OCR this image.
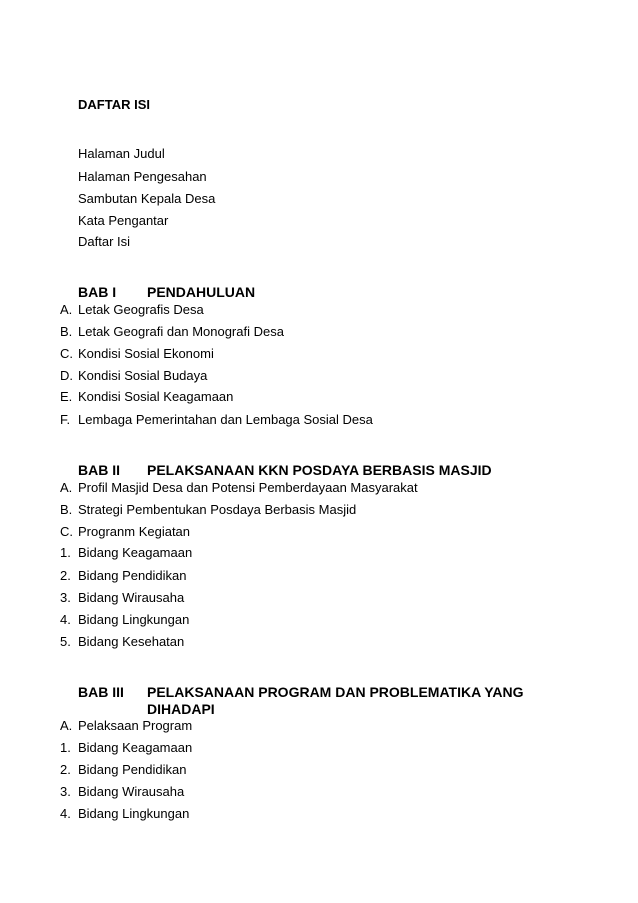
DAFTAR ISI
Halaman Judul
Halaman Pengesahan
Sambutan Kepala Desa
Kata Pengantar
Daftar Isi
BAB I PENDAHULUAN
A. Letak Geografis Desa
B. Letak Geografi dan Monografi Desa
C. Kondisi Sosial Ekonomi
D. Kondisi Sosial Budaya
E. Kondisi Sosial Keagamaan
F. Lembaga Pemerintahan dan Lembaga Sosial Desa
BAB II PELAKSANAAN KKN POSDAYA BERBASIS MASJID
A. Profil Masjid Desa dan Potensi Pemberdayaan Masyarakat
B. Strategi Pembentukan Posdaya Berbasis Masjid
C. Progranm Kegiatan
1. Bidang Keagamaan
2. Bidang Pendidikan
3. Bidang Wirausaha
4. Bidang Lingkungan
5. Bidang Kesehatan
BAB III PELAKSANAAN PROGRAM DAN PROBLEMATIKA YANG
DIHADAPI
A. Pelaksaan Program
1. Bidang Keagamaan
2. Bidang Pendidikan
3. Bidang Wirausaha
4. Bidang Lingkungan
